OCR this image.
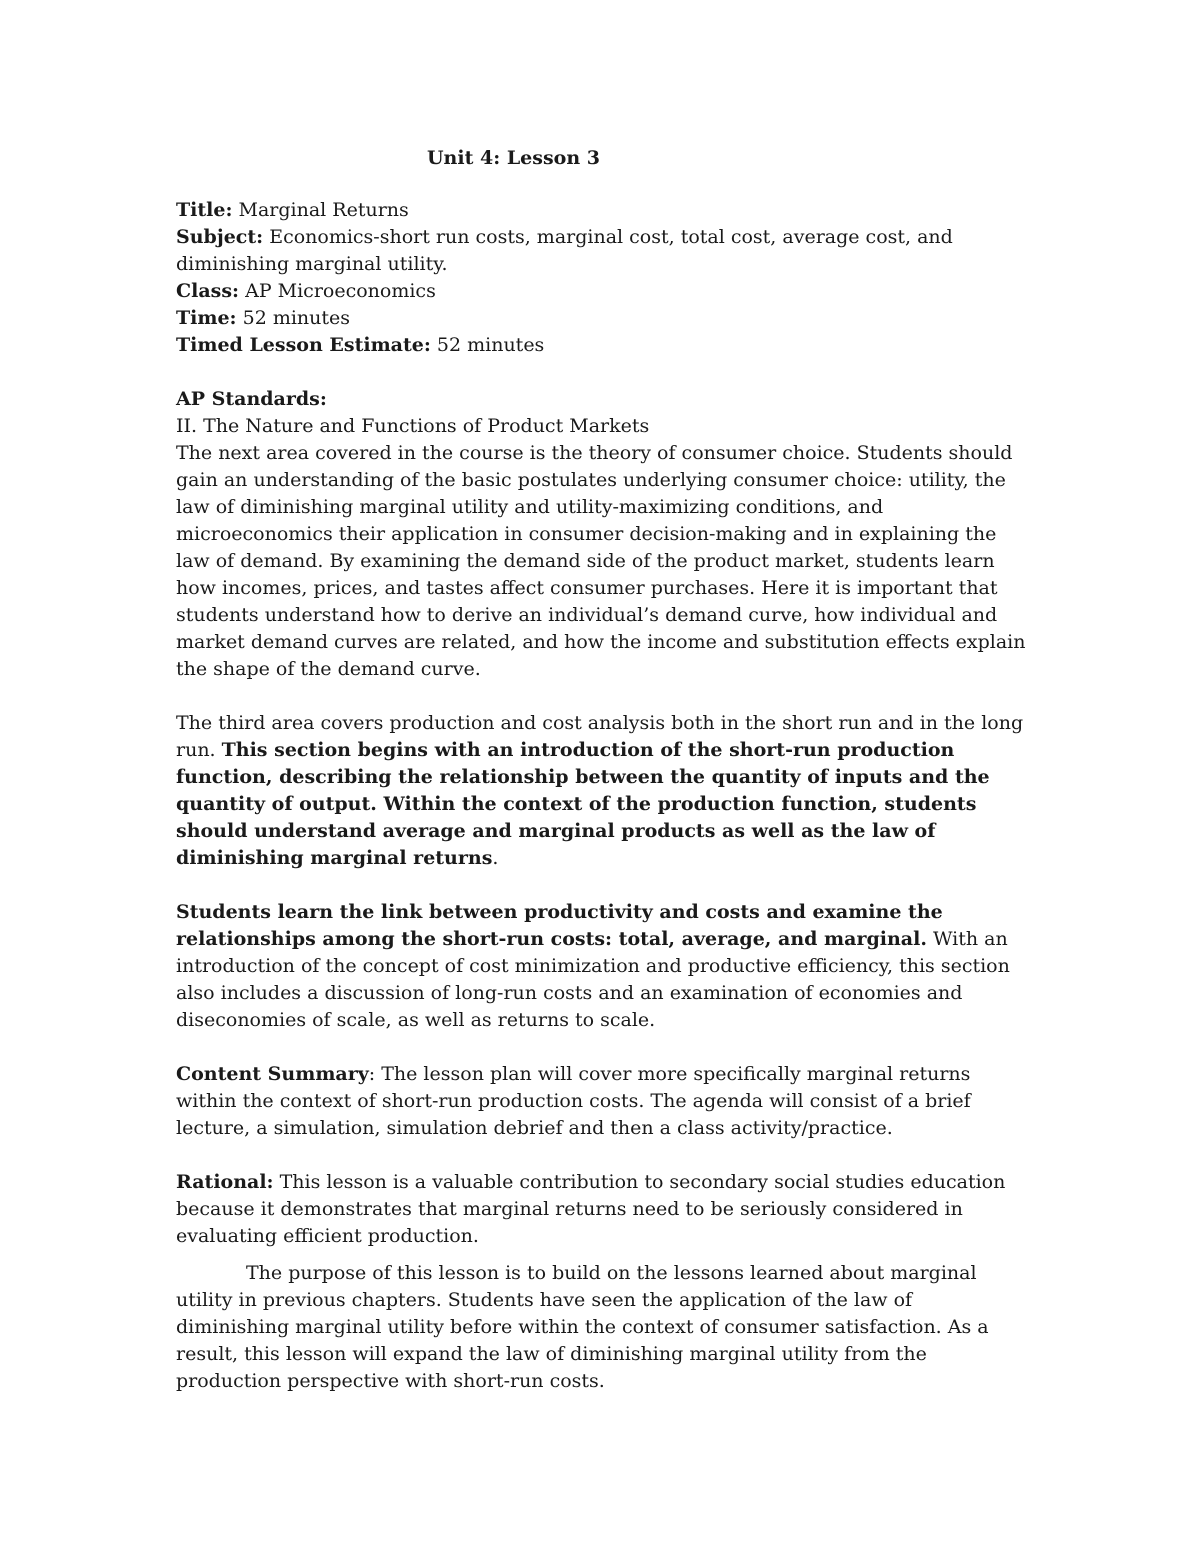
Unit 4: Lesson 3

Title: Marginal Returns

Subject: Economics-short run costs, marginal cost, total cost, average cost, and diminishing marginal utility.

Class: AP Microeconomics

Time: 52 minutes

Timed Lesson Estimate: 52 minutes

AP Standards:

II. The Nature and Functions of Product Markets

The next area covered in the course is the theory of consumer choice. Students should gain an understanding of the basic postulates underlying consumer choice: utility, the law of diminishing marginal utility and utility-maximizing conditions, and microeconomics their application in consumer decision-making and in explaining the law of demand. By examining the demand side of the product market, students learn how incomes, prices, and tastes affect consumer purchases. Here it is important that students understand how to derive an individual’s demand curve, how individual and market demand curves are related, and how the income and substitution effects explain the shape of the demand curve.

The third area covers production and cost analysis both in the short run and in the long run. This section begins with an introduction of the short-run production function, describing the relationship between the quantity of inputs and the quantity of output. Within the context of the production function, students should understand average and marginal products as well as the law of diminishing marginal returns.

Students learn the link between productivity and costs and examine the relationships among the short-run costs: total, average, and marginal. With an introduction of the concept of cost minimization and productive efficiency, this section also includes a discussion of long-run costs and an examination of economies and diseconomies of scale, as well as returns to scale.

Content Summary: The lesson plan will cover more specifically marginal returns within the context of short-run production costs. The agenda will consist of a brief lecture, a simulation, simulation debrief and then a class activity/practice.

Rational: This lesson is a valuable contribution to secondary social studies education because it demonstrates that marginal returns need to be seriously considered in evaluating efficient production.

The purpose of this lesson is to build on the lessons learned about marginal utility in previous chapters. Students have seen the application of the law of diminishing marginal utility before within the context of consumer satisfaction. As a result, this lesson will expand the law of diminishing marginal utility from the production perspective with short-run costs.
